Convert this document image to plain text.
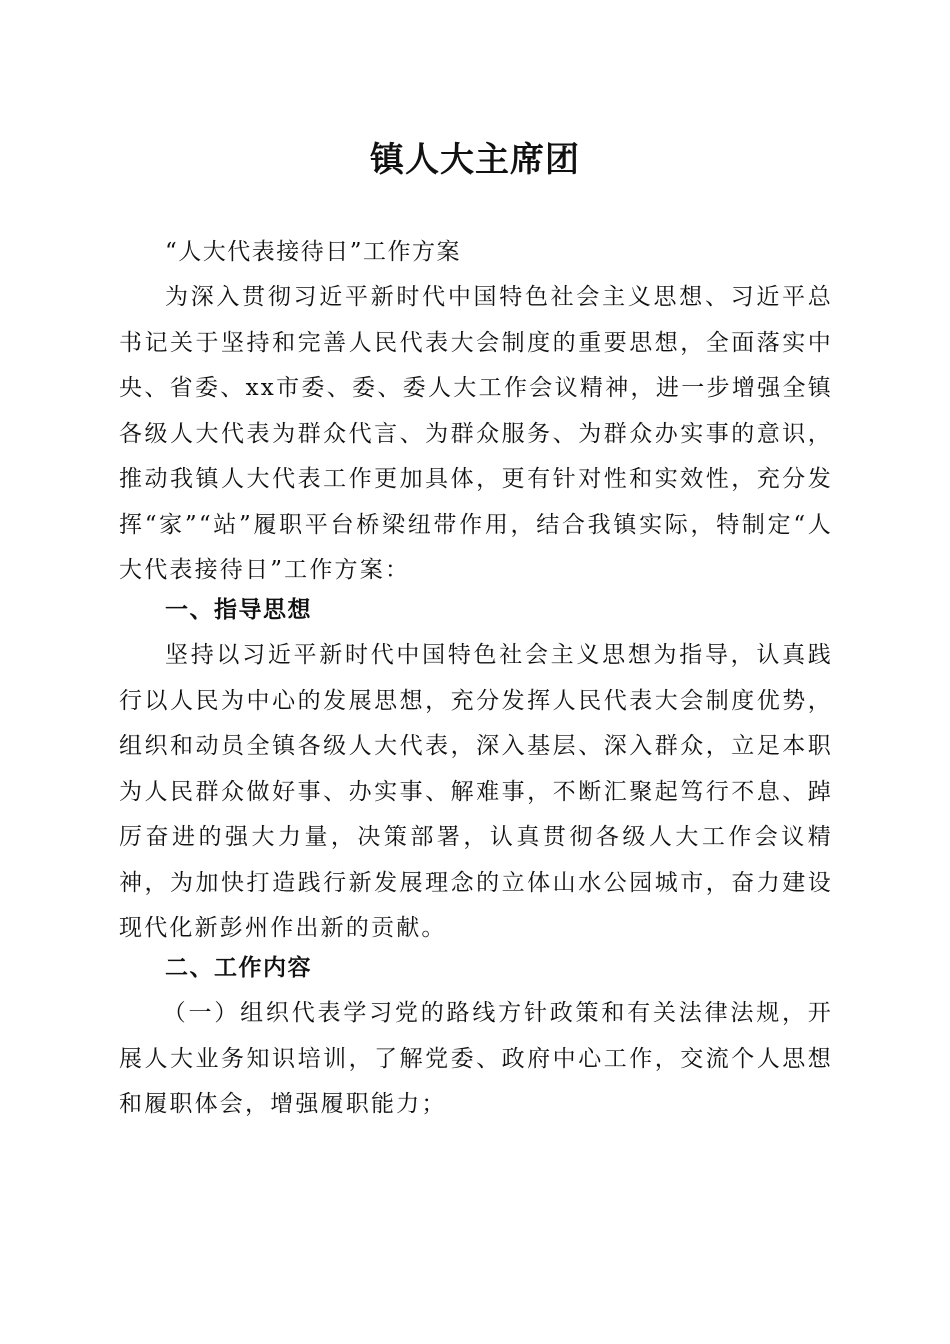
镇人大主席团

“人大代表接待日”工作方案

为深入贯彻习近平新时代中国特色社会主义思想、习近平总书记关于坚持和完善人民代表大会制度的重要思想，全面落实中央、省委、xx市委、委、委人大工作会议精神，进一步增强全镇各级人大代表为群众代言、为群众服务、为群众办实事的意识，推动我镇人大代表工作更加具体，更有针对性和实效性，充分发挥“家”“站”履职平台桥梁纽带作用，结合我镇实际，特制定“人大代表接待日”工作方案：

一、指导思想

坚持以习近平新时代中国特色社会主义思想为指导，认真践行以人民为中心的发展思想，充分发挥人民代表大会制度优势，组织和动员全镇各级人大代表，深入基层、深入群众，立足本职为人民群众做好事、办实事、解难事，不断汇聚起笃行不息、踔厉奋进的强大力量，决策部署，认真贯彻各级人大工作会议精神，为加快打造践行新发展理念的立体山水公园城市，奋力建设现代化新彭州作出新的贡献。

二、工作内容

（一）组织代表学习党的路线方针政策和有关法律法规，开展人大业务知识培训，了解党委、政府中心工作，交流个人思想和履职体会，增强履职能力；
